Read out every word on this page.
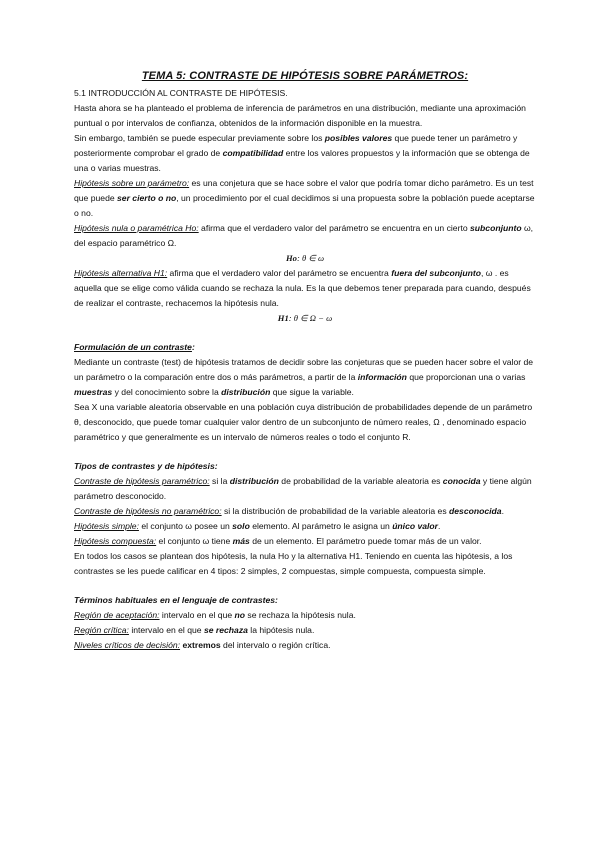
TEMA 5: CONTRASTE DE HIPÓTESIS SOBRE PARÁMETROS:

5.1 INTRODUCCIÓN AL CONTRASTE DE HIPÓTESIS.

Hasta ahora se ha planteado el problema de inferencia de parámetros en una distribución, mediante una aproximación puntual o por intervalos de confianza, obtenidos de la información disponible en la muestra.

Sin embargo, también se puede especular previamente sobre los posibles valores que puede tener un parámetro y posteriormente comprobar el grado de compatibilidad entre los valores propuestos y la información que se obtenga de una o varias muestras.

Hipótesis sobre un parámetro: es una conjetura que se hace sobre el valor que podría tomar dicho parámetro. Es un test que puede ser cierto o no, un procedimiento por el cual decidimos si una propuesta sobre la población puede aceptarse o no.

Hipótesis nula o paramétrica Ho: afirma que el verdadero valor del parámetro se encuentra en un cierto subconjunto ω, del espacio paramétrico Ω.

Ho: θ ∈ ω

Hipótesis alternativa H1: afirma que el verdadero valor del parámetro se encuentra fuera del subconjunto, ω . es aquella que se elige como válida cuando se rechaza la nula. Es la que debemos tener preparada para cuando, después de realizar el contraste, rechacemos la hipótesis nula.

H1: θ ∈ Ω − ω

Formulación de un contraste:

Mediante un contraste (test) de hipótesis tratamos de decidir sobre las conjeturas que se pueden hacer sobre el valor de un parámetro o la comparación entre dos o más parámetros, a partir de la información que proporcionan una o varias muestras y del conocimiento sobre la distribución que sigue la variable.

Sea X una variable aleatoria observable en una población cuya distribución de probabilidades depende de un parámetro θ, desconocido, que puede tomar cualquier valor dentro de un subconjunto de número reales, Ω , denominado espacio paramétrico y que generalmente es un intervalo de números reales o todo el conjunto R.

Tipos de contrastes y de hipótesis:

Contraste de hipótesis paramétrico: si la distribución de probabilidad de la variable aleatoria es conocida y tiene algún parámetro desconocido.

Contraste de hipótesis no paramétrico: si la distribución de probabilidad de la variable aleatoria es desconocida.

Hipótesis simple: el conjunto ω posee un solo elemento. Al parámetro le asigna un único valor.

Hipótesis compuesta: el conjunto ω tiene más de un elemento. El parámetro puede tomar más de un valor.

En todos los casos se plantean dos hipótesis, la nula Ho y la alternativa H1. Teniendo en cuenta las hipótesis, a los contrastes se les puede calificar en 4 tipos: 2 simples, 2 compuestas, simple compuesta, compuesta simple.

Términos habituales en el lenguaje de contrastes:

Región de aceptación: intervalo en el que no se rechaza la hipótesis nula.

Región crítica: intervalo en el que se rechaza la hipótesis nula.

Niveles críticos de decisión: extremos del intervalo o región crítica.
